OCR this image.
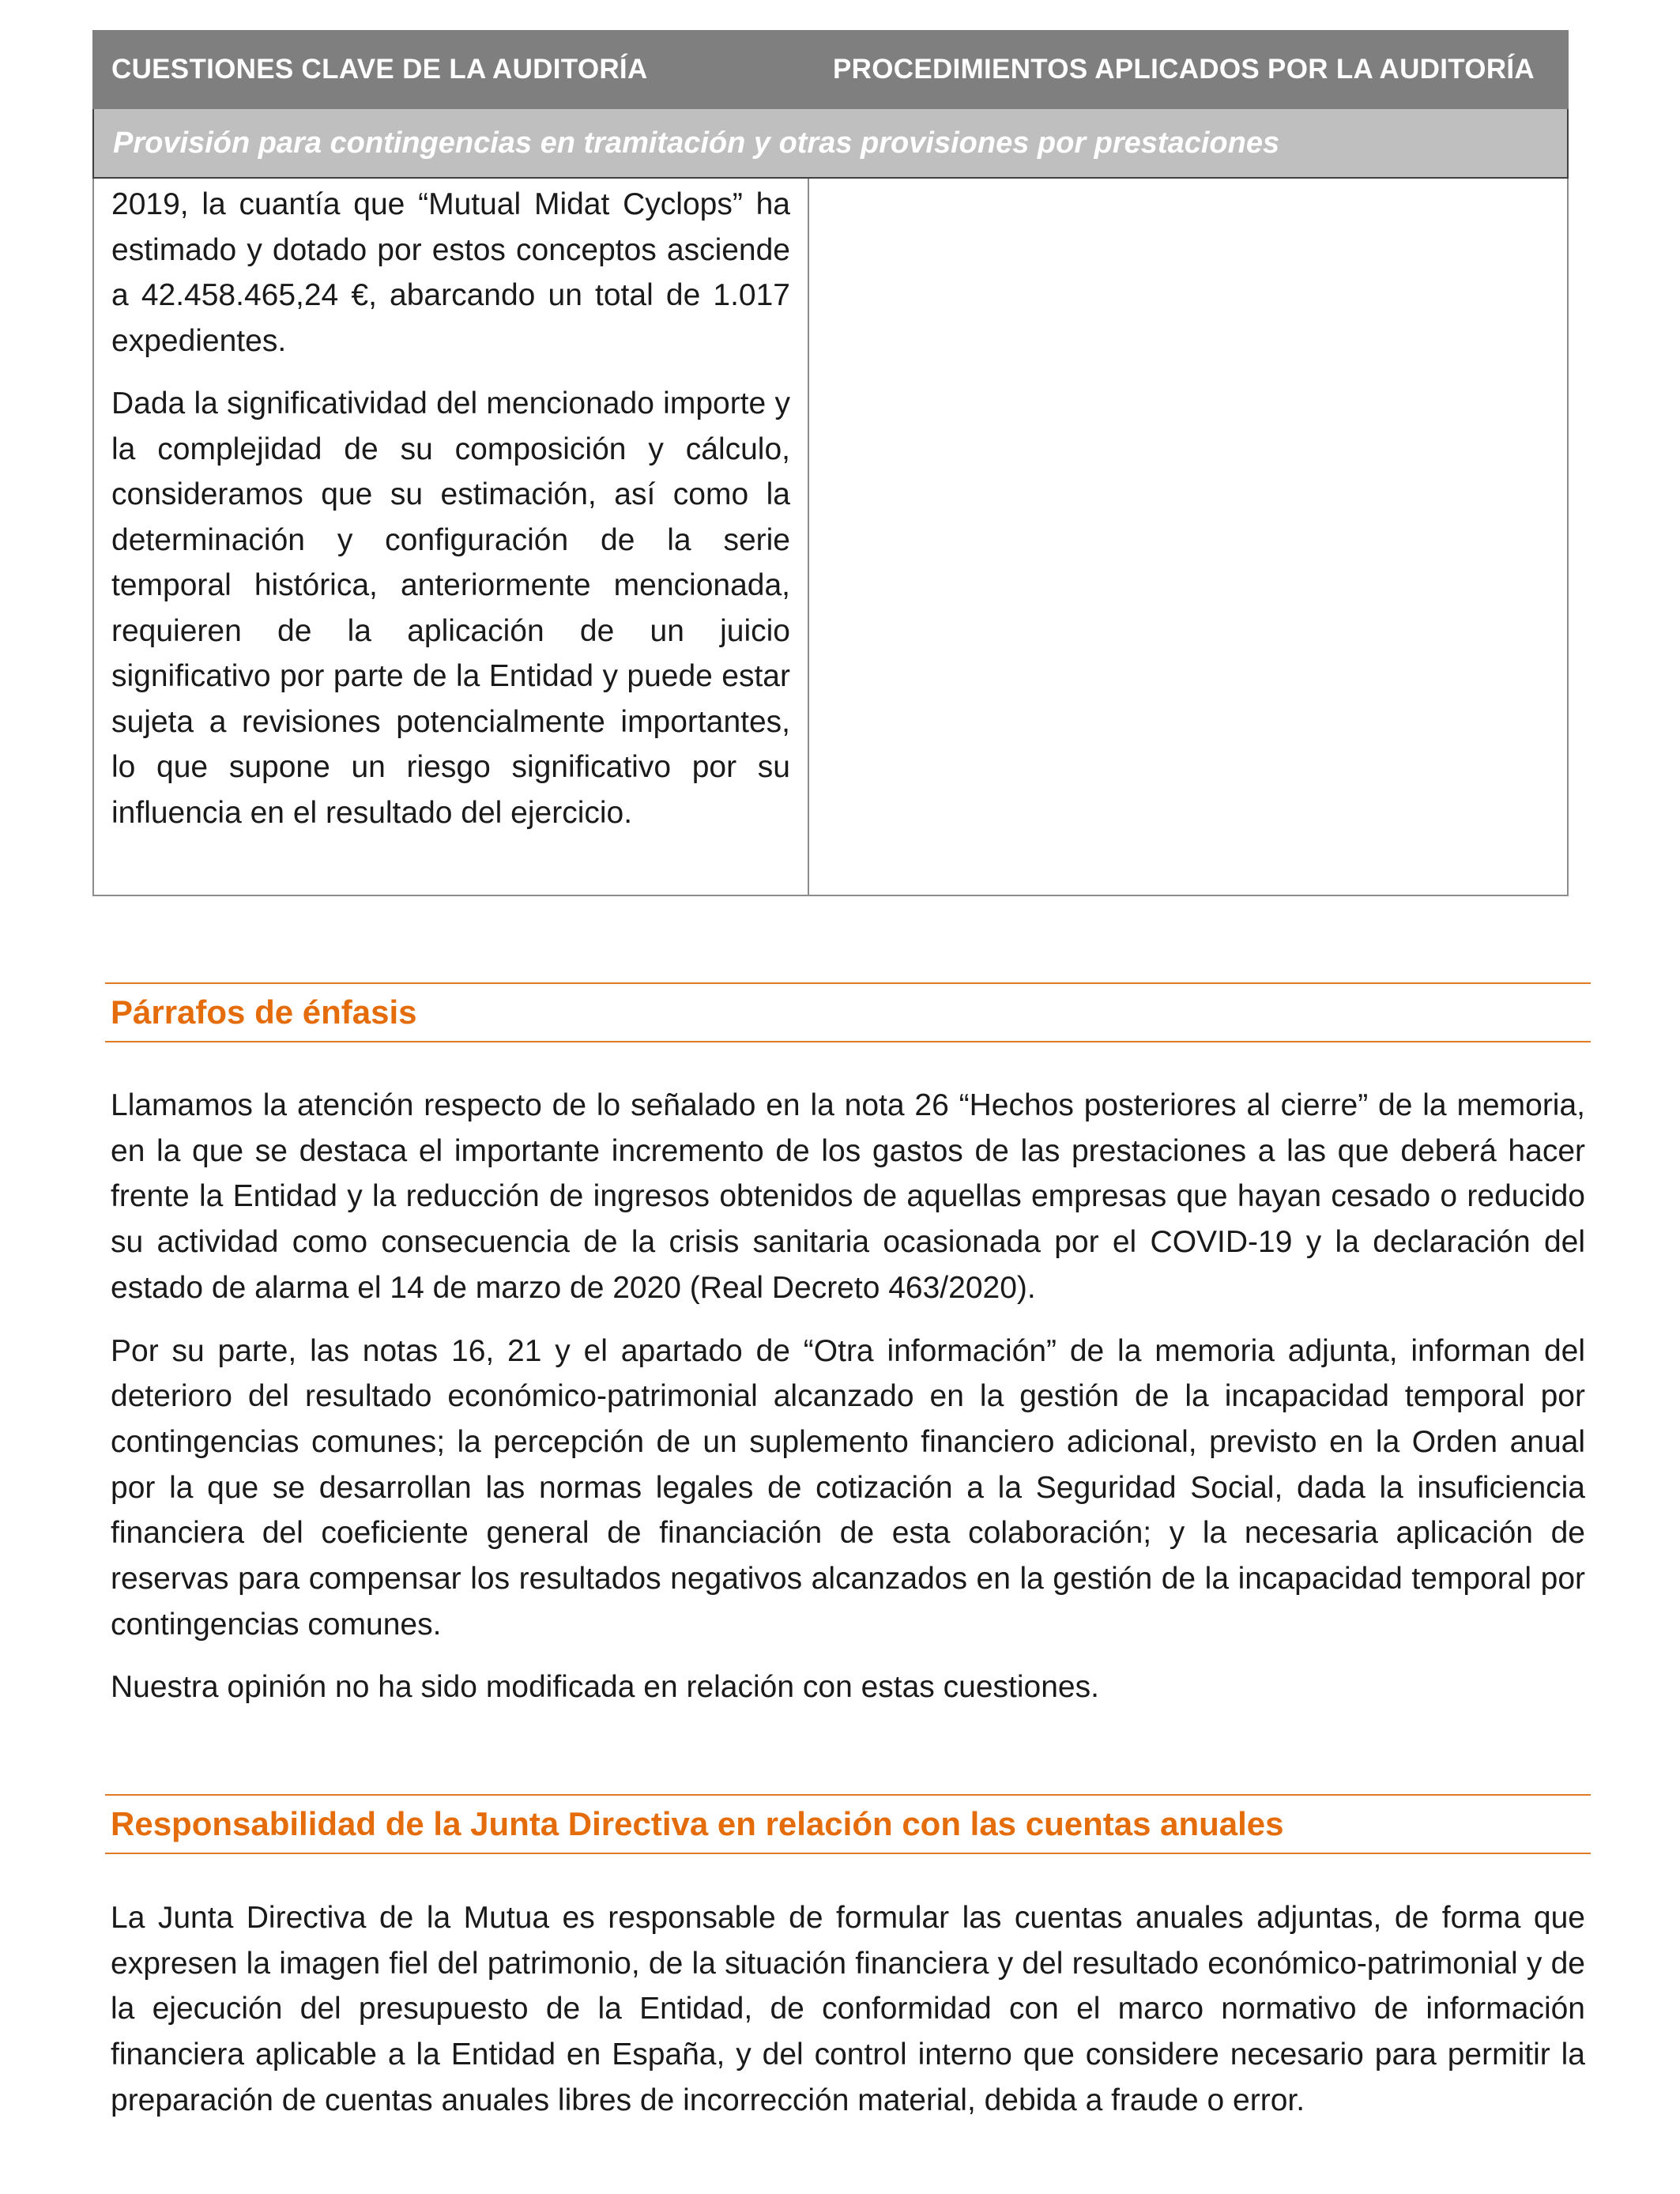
CUESTIONES CLAVE DE LA AUDITORÍA	PROCEDIMIENTOS APLICADOS POR LA AUDITORÍA
Provisión para contingencias en tramitación y otras provisiones por prestaciones

2019, la cuantía que “Mutual Midat Cyclops” ha estimado y dotado por estos conceptos asciende a 42.458.465,24 €, abarcando un total de 1.017 expedientes.

Dada la significatividad del mencionado importe y la complejidad de su composición y cálculo, consideramos que su estimación, así como la determinación y configuración de la serie temporal histórica, anteriormente mencionada, requieren de la aplicación de un juicio significativo por parte de la Entidad y puede estar sujeta a revisiones potencialmente importantes, lo que supone un riesgo significativo por su influencia en el resultado del ejercicio.

Párrafos de énfasis

Llamamos la atención respecto de lo señalado en la nota 26 “Hechos posteriores al cierre” de la memoria, en la que se destaca el importante incremento de los gastos de las prestaciones a las que deberá hacer frente la Entidad y la reducción de ingresos obtenidos de aquellas empresas que hayan cesado o reducido su actividad como consecuencia de la crisis sanitaria ocasionada por el COVID-19 y la declaración del estado de alarma el 14 de marzo de 2020 (Real Decreto 463/2020).

Por su parte, las notas 16, 21 y el apartado de “Otra información” de la memoria adjunta, informan del deterioro del resultado económico-patrimonial alcanzado en la gestión de la incapacidad temporal por contingencias comunes; la percepción de un suplemento financiero adicional, previsto en la Orden anual por la que se desarrollan las normas legales de cotización a la Seguridad Social, dada la insuficiencia financiera del coeficiente general de financiación de esta colaboración; y la necesaria aplicación de reservas para compensar los resultados negativos alcanzados en la gestión de la incapacidad temporal por contingencias comunes.

Nuestra opinión no ha sido modificada en relación con estas cuestiones.

Responsabilidad de la Junta Directiva en relación con las cuentas anuales

La Junta Directiva de la Mutua es responsable de formular las cuentas anuales adjuntas, de forma que expresen la imagen fiel del patrimonio, de la situación financiera y del resultado económico-patrimonial y de la ejecución del presupuesto de la Entidad, de conformidad con el marco normativo de información financiera aplicable a la Entidad en España, y del control interno que considere necesario para permitir la preparación de cuentas anuales libres de incorrección material, debida a fraude o error.
